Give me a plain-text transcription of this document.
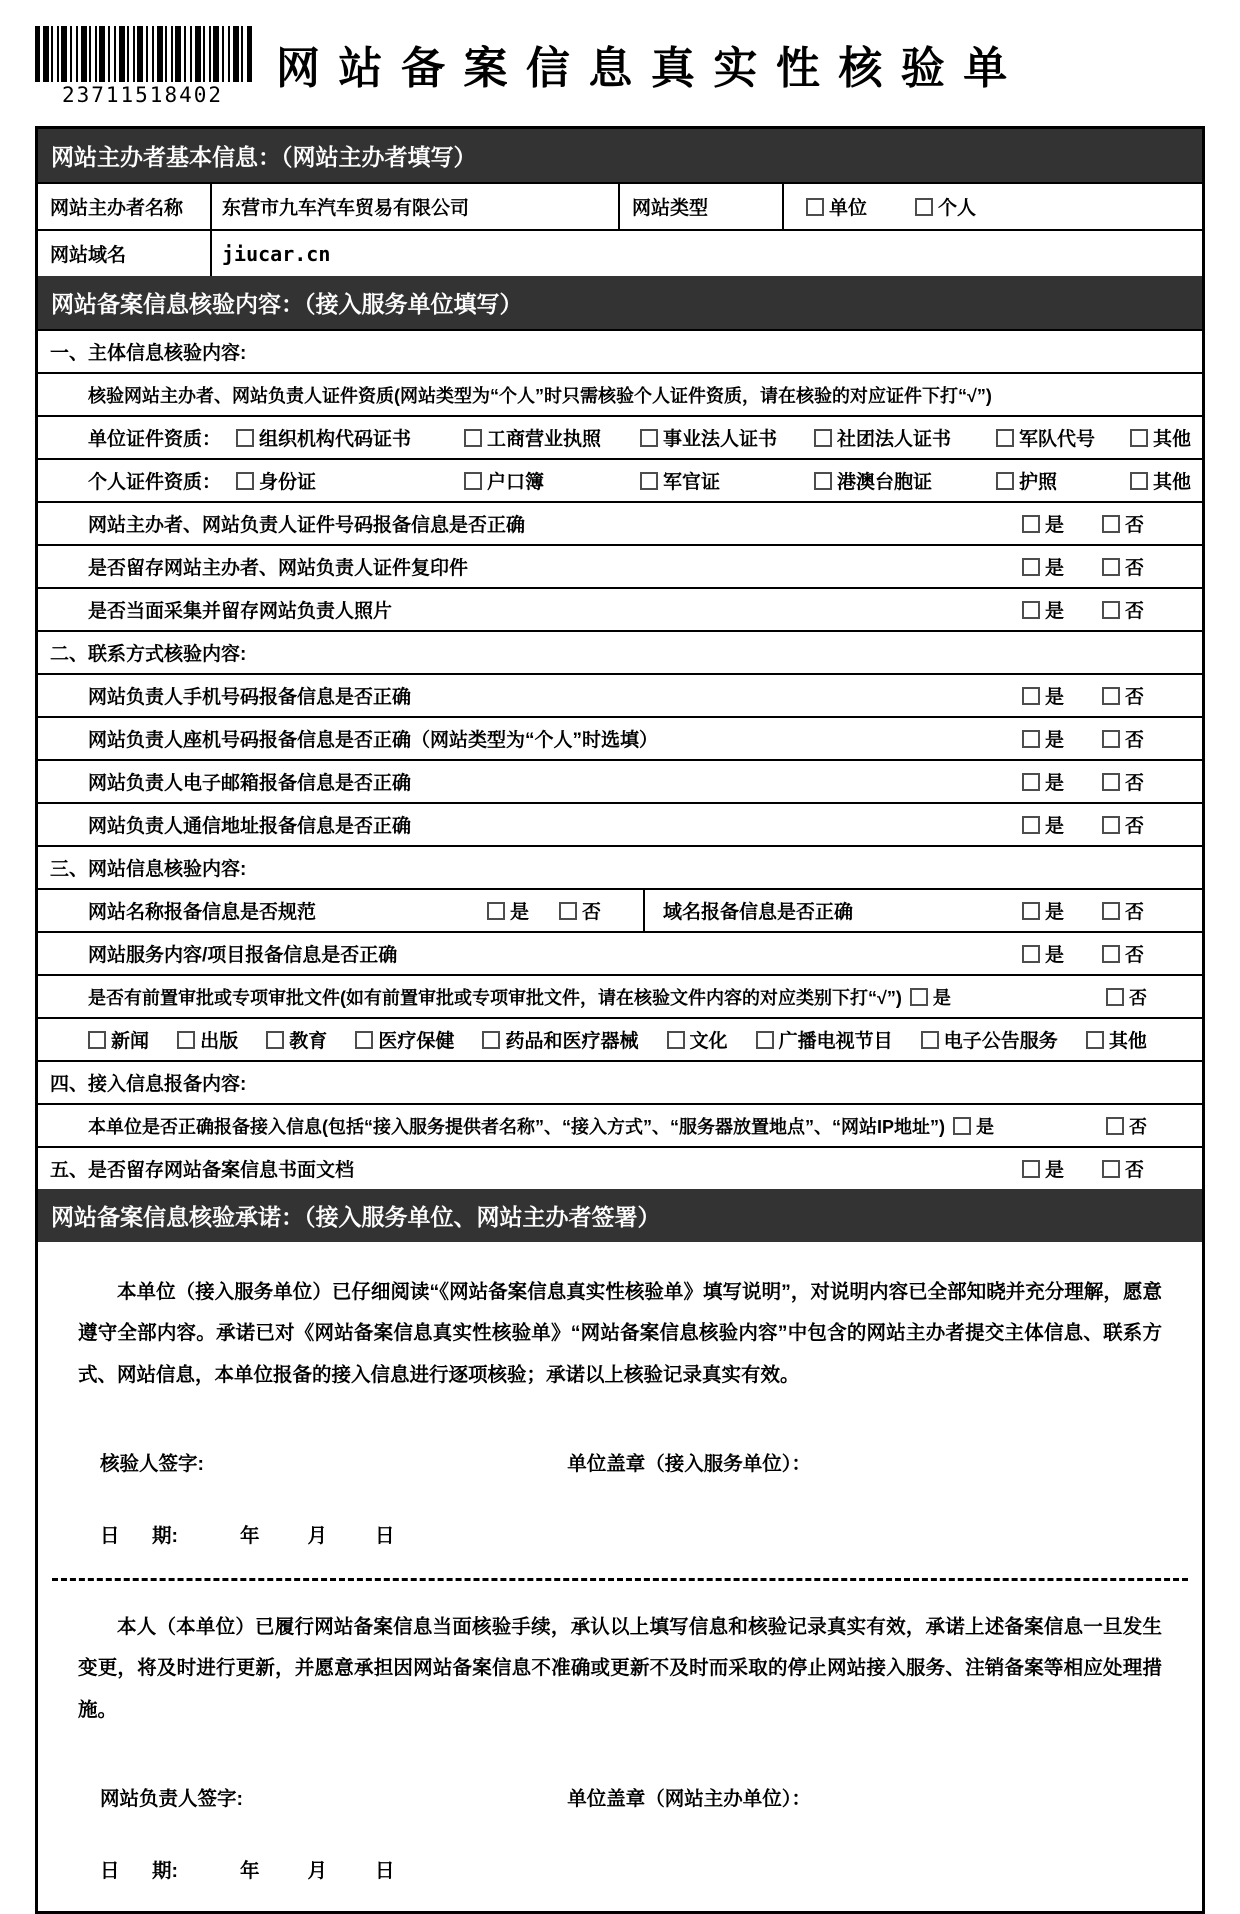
23711518402
网站备案信息真实性核验单
网站主办者基本信息：（网站主办者填写）
网站主办者名称	东营市九车汽车贸易有限公司	网站类型	单位	个人
网站域名	jiucar.cn
网站备案信息核验内容：（接入服务单位填写）
一、主体信息核验内容:
核验网站主办者、网站负责人证件资质(网站类型为“个人”时只需核验个人证件资质，请在核验的对应证件下打“√”)
单位证件资质：	组织机构代码证书	工商营业执照	事业法人证书	社团法人证书	军队代号	其他
个人证件资质：	身份证	户口簿	军官证	港澳台胞证	护照	其他
网站主办者、网站负责人证件号码报备信息是否正确	是	否
是否留存网站主办者、网站负责人证件复印件	是	否
是否当面采集并留存网站负责人照片	是	否
二、联系方式核验内容:
网站负责人手机号码报备信息是否正确	是	否
网站负责人座机号码报备信息是否正确（网站类型为“个人”时选填）	是	否
网站负责人电子邮箱报备信息是否正确	是	否
网站负责人通信地址报备信息是否正确	是	否
三、网站信息核验内容:
网站名称报备信息是否规范	是	否	域名报备信息是否正确	是	否
网站服务内容/项目报备信息是否正确	是	否
是否有前置审批或专项审批文件(如有前置审批或专项审批文件，请在核验文件内容的对应类别下打“√”) 是	否
新闻	出版	教育	医疗保健	药品和医疗器械	文化	广播电视节目	电子公告服务	其他
四、接入信息报备内容:
本单位是否正确报备接入信息(包括“接入服务提供者名称”、“接入方式”、“服务器放置地点”、“网站IP地址”) 是	否
五、是否留存网站备案信息书面文档	是	否
网站备案信息核验承诺：（接入服务单位、网站主办者签署）

本单位（接入服务单位）已仔细阅读“《网站备案信息真实性核验单》填写说明”，对说明内容已全部知晓并充分理解，愿意遵守全部内容。承诺已对《网站备案信息真实性核验单》“网站备案信息核验内容”中包含的网站主办者提交主体信息、联系方式、网站信息，本单位报备的接入信息进行逐项核验；承诺以上核验记录真实有效。

核验人签字:	单位盖章（接入服务单位）：
日      期:	年 月 日

本人（本单位）已履行网站备案信息当面核验手续，承认以上填写信息和核验记录真实有效，承诺上述备案信息一旦发生变更，将及时进行更新，并愿意承担因网站备案信息不准确或更新不及时而采取的停止网站接入服务、注销备案等相应处理措施。

网站负责人签字:	单位盖章（网站主办单位）：
日      期:	年 月 日
